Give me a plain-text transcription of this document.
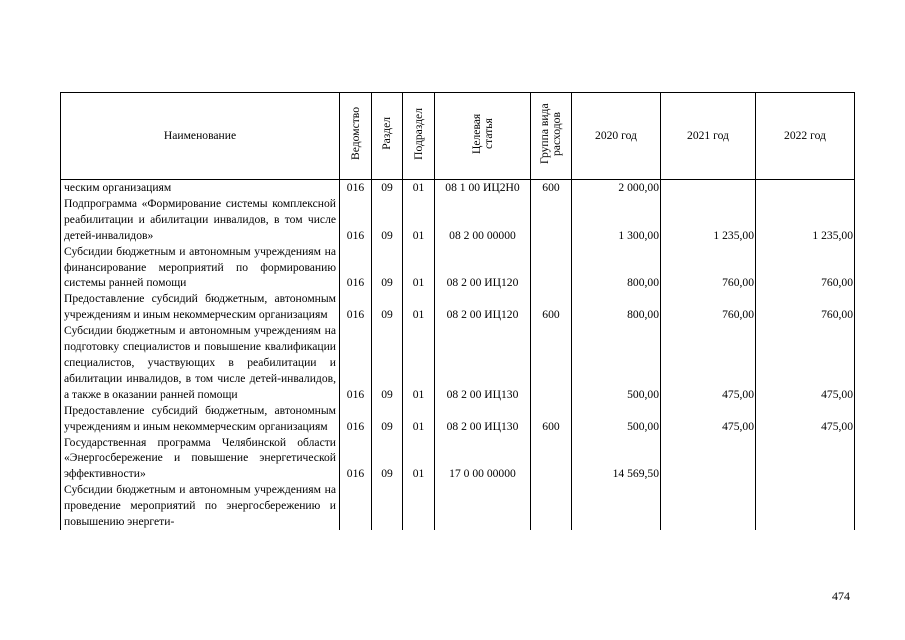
Наименование	Ведомство	Раздел	Подраздел	Целевая статья	Группа вида расходов	2020 год	2021 год	2022 год
ческим организациям	016	09	01	08 1 00 ИЦ2Н0	600	2 000,00		
Подпрограмма «Формирование системы комплексной реабилитации и абилитации инвалидов, в том числе детей-инвалидов»	016	09	01	08 2 00 00000		1 300,00	1 235,00	1 235,00
Субсидии бюджетным и автономным учреждениям на финансирование мероприятий по формированию системы ранней помощи	016	09	01	08 2 00 ИЦ120		800,00	760,00	760,00
Предоставление субсидий бюджетным, автономным учреждениям и иным некоммерческим организациям	016	09	01	08 2 00 ИЦ120	600	800,00	760,00	760,00
Субсидии бюджетным и автономным учреждениям на подготовку специалистов и повышение квалификации специалистов, участвующих в реабилитации и абилитации инвалидов, в том числе детей-инвалидов, а также в оказании ранней помощи	016	09	01	08 2 00 ИЦ130		500,00	475,00	475,00
Предоставление субсидий бюджетным, автономным учреждениям и иным некоммерческим организациям	016	09	01	08 2 00 ИЦ130	600	500,00	475,00	475,00
Государственная программа Челябинской области «Энергосбережение и повышение энергетической эффективности»	016	09	01	17 0 00 00000		14 569,50		
Субсидии бюджетным и автономным учреждениям на проведение мероприятий по энергосбережению и повышению энергети-								
474
